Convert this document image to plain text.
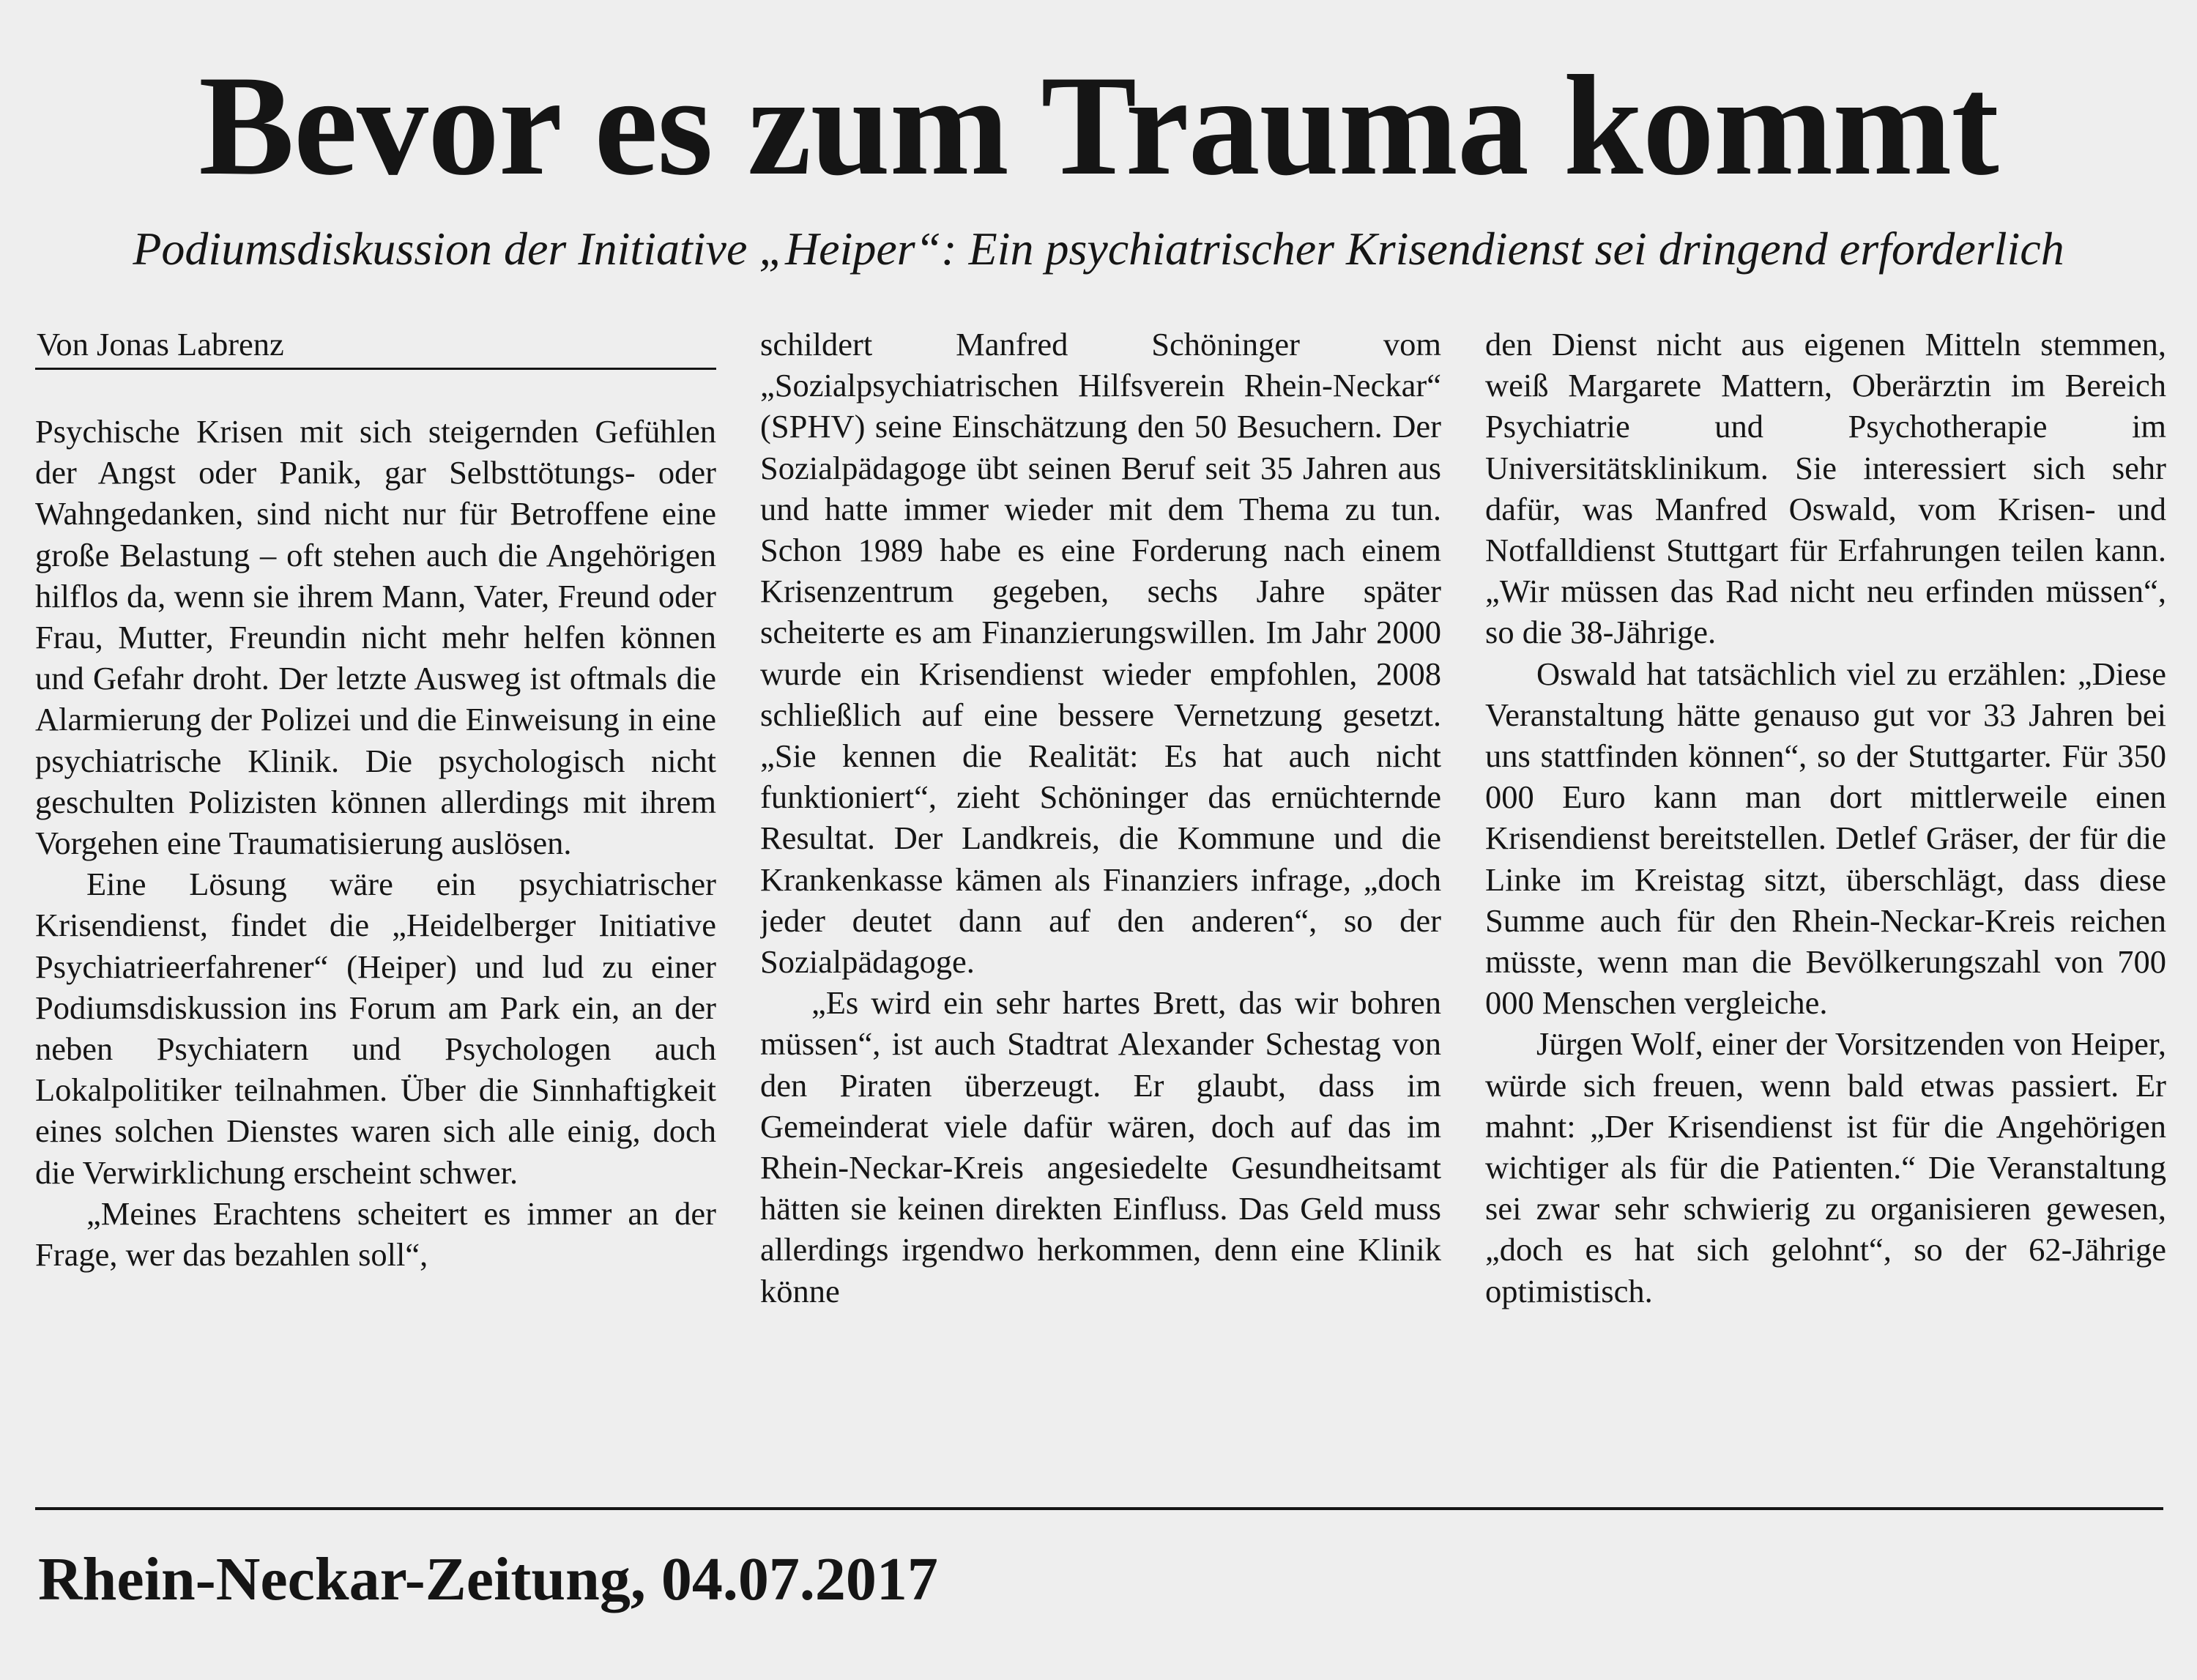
Bevor es zum Trauma kommt
Podiumsdiskussion der Initiative „Heiper“: Ein psychiatrischer Krisendienst sei dringend erforderlich
Von Jonas Labrenz

Psychische Krisen mit sich steigernden Gefühlen der Angst oder Panik, gar Selbsttötungs- oder Wahngedanken, sind nicht nur für Betroffene eine große Belastung – oft stehen auch die Angehörigen hilflos da, wenn sie ihrem Mann, Vater, Freund oder Frau, Mutter, Freundin nicht mehr helfen können und Gefahr droht. Der letzte Ausweg ist oftmals die Alarmierung der Polizei und die Einweisung in eine psychiatrische Klinik. Die psychologisch nicht geschulten Polizisten können allerdings mit ihrem Vorgehen eine Traumatisierung auslösen.

Eine Lösung wäre ein psychiatrischer Krisendienst, findet die „Heidelberger Initiative Psychiatrieerfahrener“ (Heiper) und lud zu einer Podiumsdiskussion ins Forum am Park ein, an der neben Psychiatern und Psychologen auch Lokalpolitiker teilnahmen. Über die Sinnhaftigkeit eines solchen Dienstes waren sich alle einig, doch die Verwirklichung erscheint schwer.

„Meines Erachtens scheitert es immer an der Frage, wer das bezahlen soll“,

schildert Manfred Schöninger vom „Sozialpsychiatrischen Hilfsverein Rhein-Neckar“ (SPHV) seine Einschätzung den 50 Besuchern. Der Sozialpädagoge übt seinen Beruf seit 35 Jahren aus und hatte immer wieder mit dem Thema zu tun. Schon 1989 habe es eine Forderung nach einem Krisenzentrum gegeben, sechs Jahre später scheiterte es am Finanzierungswillen. Im Jahr 2000 wurde ein Krisendienst wieder empfohlen, 2008 schließlich auf eine bessere Vernetzung gesetzt. „Sie kennen die Realität: Es hat auch nicht funktioniert“, zieht Schöninger das ernüchternde Resultat. Der Landkreis, die Kommune und die Krankenkasse kämen als Finanziers infrage, „doch jeder deutet dann auf den anderen“, so der Sozialpädagoge.

„Es wird ein sehr hartes Brett, das wir bohren müssen“, ist auch Stadtrat Alexander Schestag von den Piraten überzeugt. Er glaubt, dass im Gemeinderat viele dafür wären, doch auf das im Rhein-Neckar-Kreis angesiedelte Gesundheitsamt hätten sie keinen direkten Einfluss. Das Geld muss allerdings irgendwo herkommen, denn eine Klinik könne

den Dienst nicht aus eigenen Mitteln stemmen, weiß Margarete Mattern, Oberärztin im Bereich Psychiatrie und Psychotherapie im Universitätsklinikum. Sie interessiert sich sehr dafür, was Manfred Oswald, vom Krisen- und Notfalldienst Stuttgart für Erfahrungen teilen kann. „Wir müssen das Rad nicht neu erfinden müssen“, so die 38-Jährige.

Oswald hat tatsächlich viel zu erzählen: „Diese Veranstaltung hätte genauso gut vor 33 Jahren bei uns stattfinden können“, so der Stuttgarter. Für 350 000 Euro kann man dort mittlerweile einen Krisendienst bereitstellen. Detlef Gräser, der für die Linke im Kreistag sitzt, überschlägt, dass diese Summe auch für den Rhein-Neckar-Kreis reichen müsste, wenn man die Bevölkerungszahl von 700 000 Menschen vergleiche.

Jürgen Wolf, einer der Vorsitzenden von Heiper, würde sich freuen, wenn bald etwas passiert. Er mahnt: „Der Krisendienst ist für die Angehörigen wichtiger als für die Patienten.“ Die Veranstaltung sei zwar sehr schwierig zu organisieren gewesen, „doch es hat sich gelohnt“, so der 62-Jährige optimistisch.

Rhein-Neckar-Zeitung, 04.07.2017
